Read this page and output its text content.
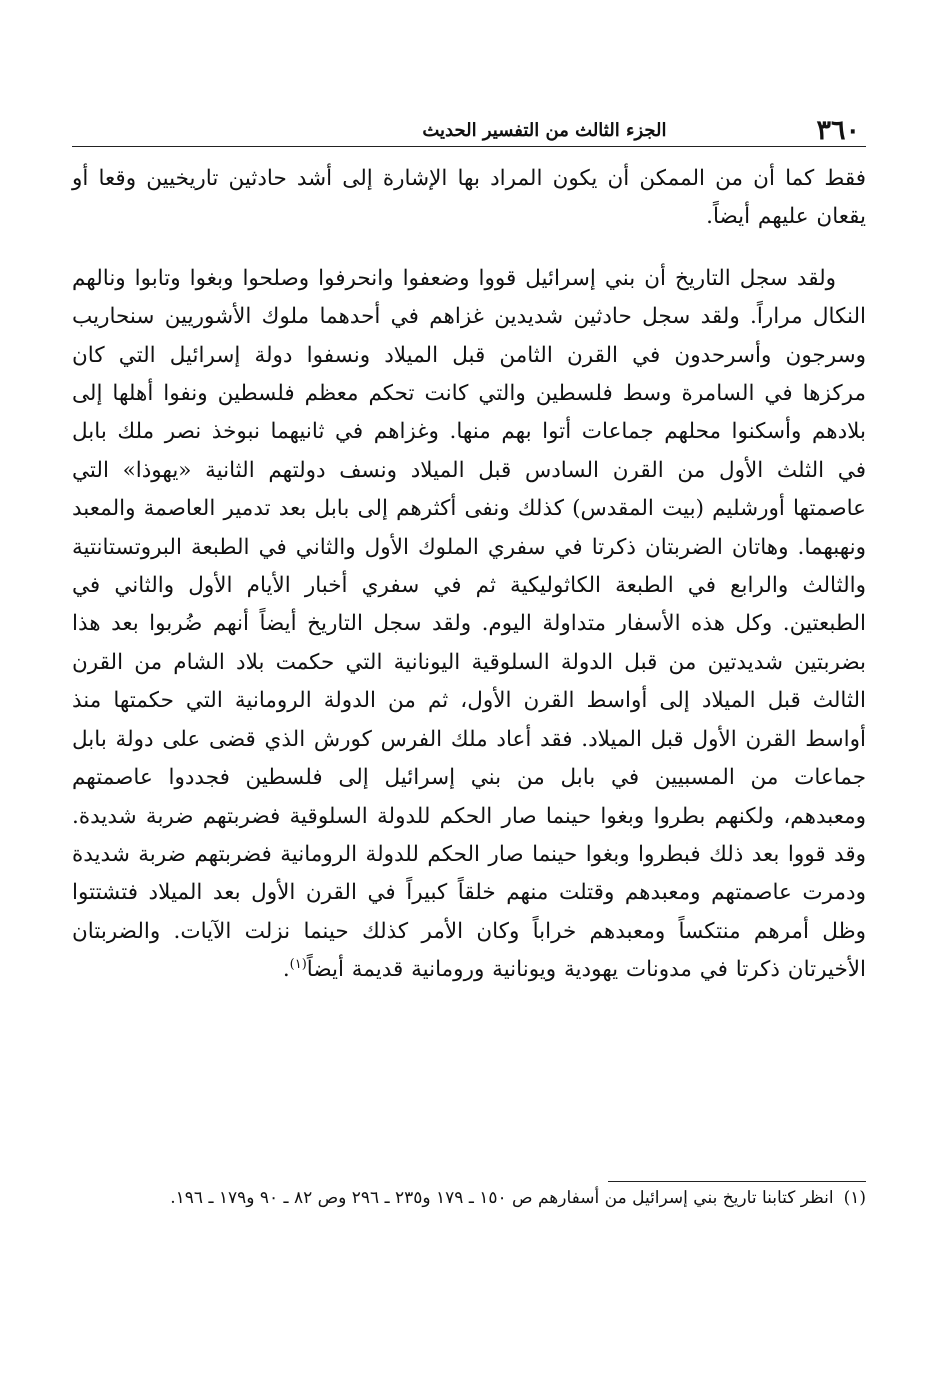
٣٦٠
الجزء الثالث من التفسير الحديث

فقط كما أن من الممكن أن يكون المراد بها الإشارة إلى أشد حادثين تاريخيين وقعا أو يقعان عليهم أيضاً.

ولقد سجل التاريخ أن بني إسرائيل قووا وضعفوا وانحرفوا وصلحوا وبغوا وتابوا ونالهم النكال مراراً. ولقد سجل حادثين شديدين غزاهم في أحدهما ملوك الأشوريين سنحاريب وسرجون وأسرحدون في القرن الثامن قبل الميلاد ونسفوا دولة إسرائيل التي كان مركزها في السامرة وسط فلسطين والتي كانت تحكم معظم فلسطين ونفوا أهلها إلى بلادهم وأسكنوا محلهم جماعات أتوا بهم منها. وغزاهم في ثانيهما نبوخذ نصر ملك بابل في الثلث الأول من القرن السادس قبل الميلاد ونسف دولتهم الثانية «يهوذا» التي عاصمتها أورشليم (بيت المقدس) كذلك ونفى أكثرهم إلى بابل بعد تدمير العاصمة والمعبد ونهبهما. وهاتان الضربتان ذكرتا في سفري الملوك الأول والثاني في الطبعة البروتستانتية والثالث والرابع في الطبعة الكاثوليكية ثم في سفري أخبار الأيام الأول والثاني في الطبعتين. وكل هذه الأسفار متداولة اليوم. ولقد سجل التاريخ أيضاً أنهم ضُربوا بعد هذا بضربتين شديدتين من قبل الدولة السلوقية اليونانية التي حكمت بلاد الشام من القرن الثالث قبل الميلاد إلى أواسط القرن الأول، ثم من الدولة الرومانية التي حكمتها منذ أواسط القرن الأول قبل الميلاد. فقد أعاد ملك الفرس كورش الذي قضى على دولة بابل جماعات من المسبيين في بابل من بني إسرائيل إلى فلسطين فجددوا عاصمتهم ومعبدهم، ولكنهم بطروا وبغوا حينما صار الحكم للدولة السلوقية فضربتهم ضربة شديدة. وقد قووا بعد ذلك فبطروا وبغوا حينما صار الحكم للدولة الرومانية فضربتهم ضربة شديدة ودمرت عاصمتهم ومعبدهم وقتلت منهم خلقاً كبيراً في القرن الأول بعد الميلاد فتشتتوا وظل أمرهم منتكساً ومعبدهم خراباً وكان الأمر كذلك حينما نزلت الآيات. والضربتان الأخيرتان ذكرتا في مدونات يهودية ويونانية ورومانية قديمة أيضاً$^{(١)}$.

(١)انظر كتابنا تاريخ بني إسرائيل من أسفارهم ص ١٥٠ ـ ١٧٩ و٢٣٥ ـ ٢٩٦ وص ٨٢ ـ ٩٠ و١٧٩ ـ ١٩٦.
